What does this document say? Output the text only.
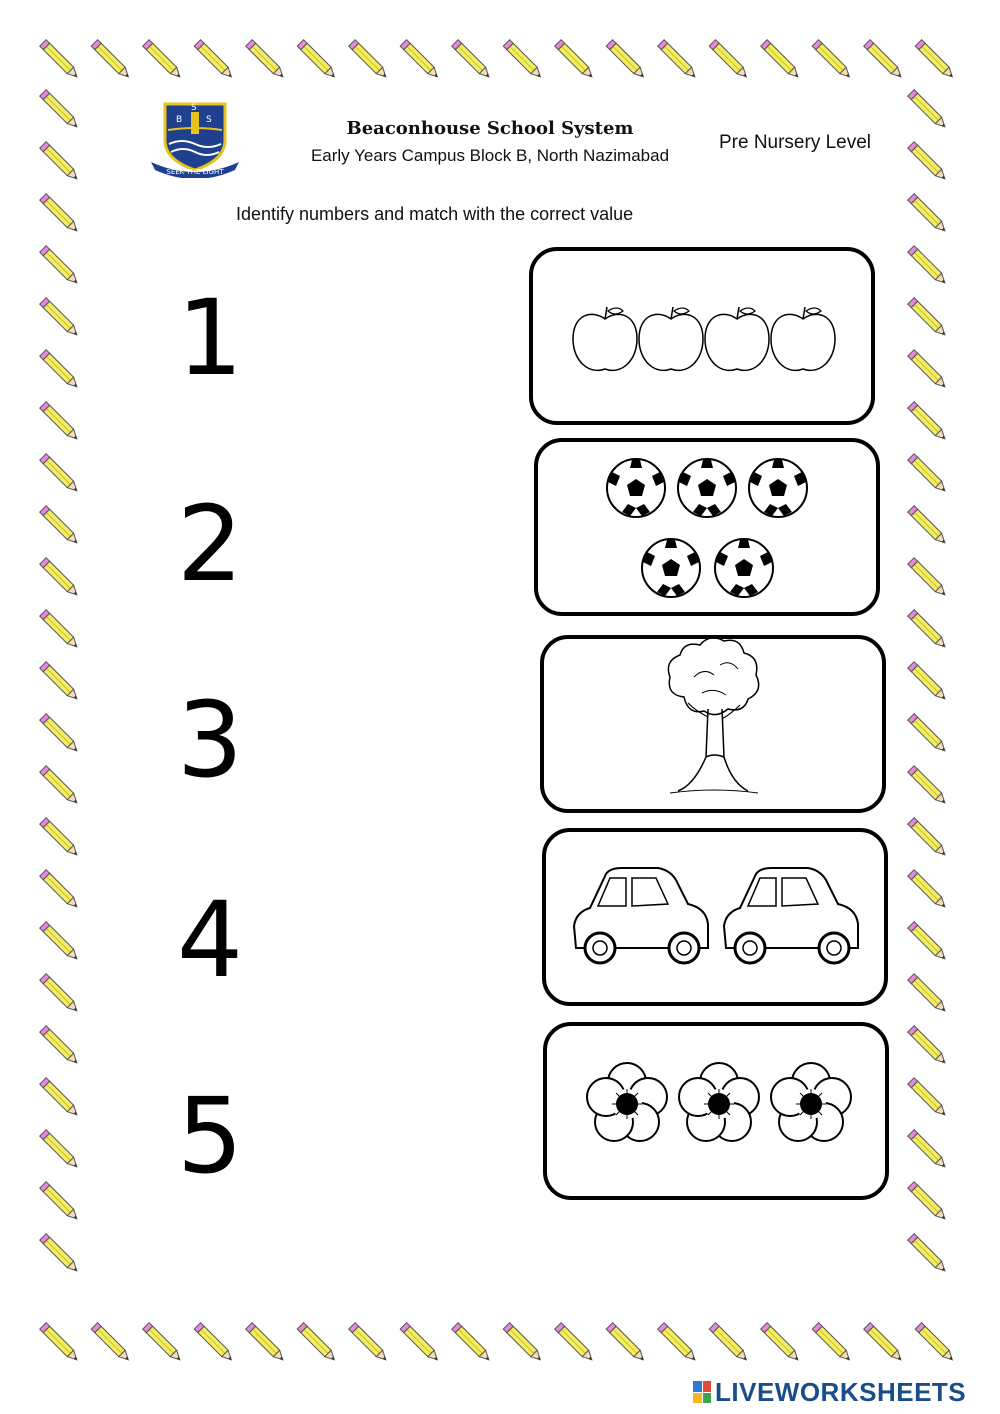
B
S
S
SEEK THE LIGHT
Beaconhouse School System
Early Years Campus Block B, North Nazimabad
Pre Nursery Level
Identify numbers and match with the correct value
1
2
3
4
5
LIVEWORKSHEETS
